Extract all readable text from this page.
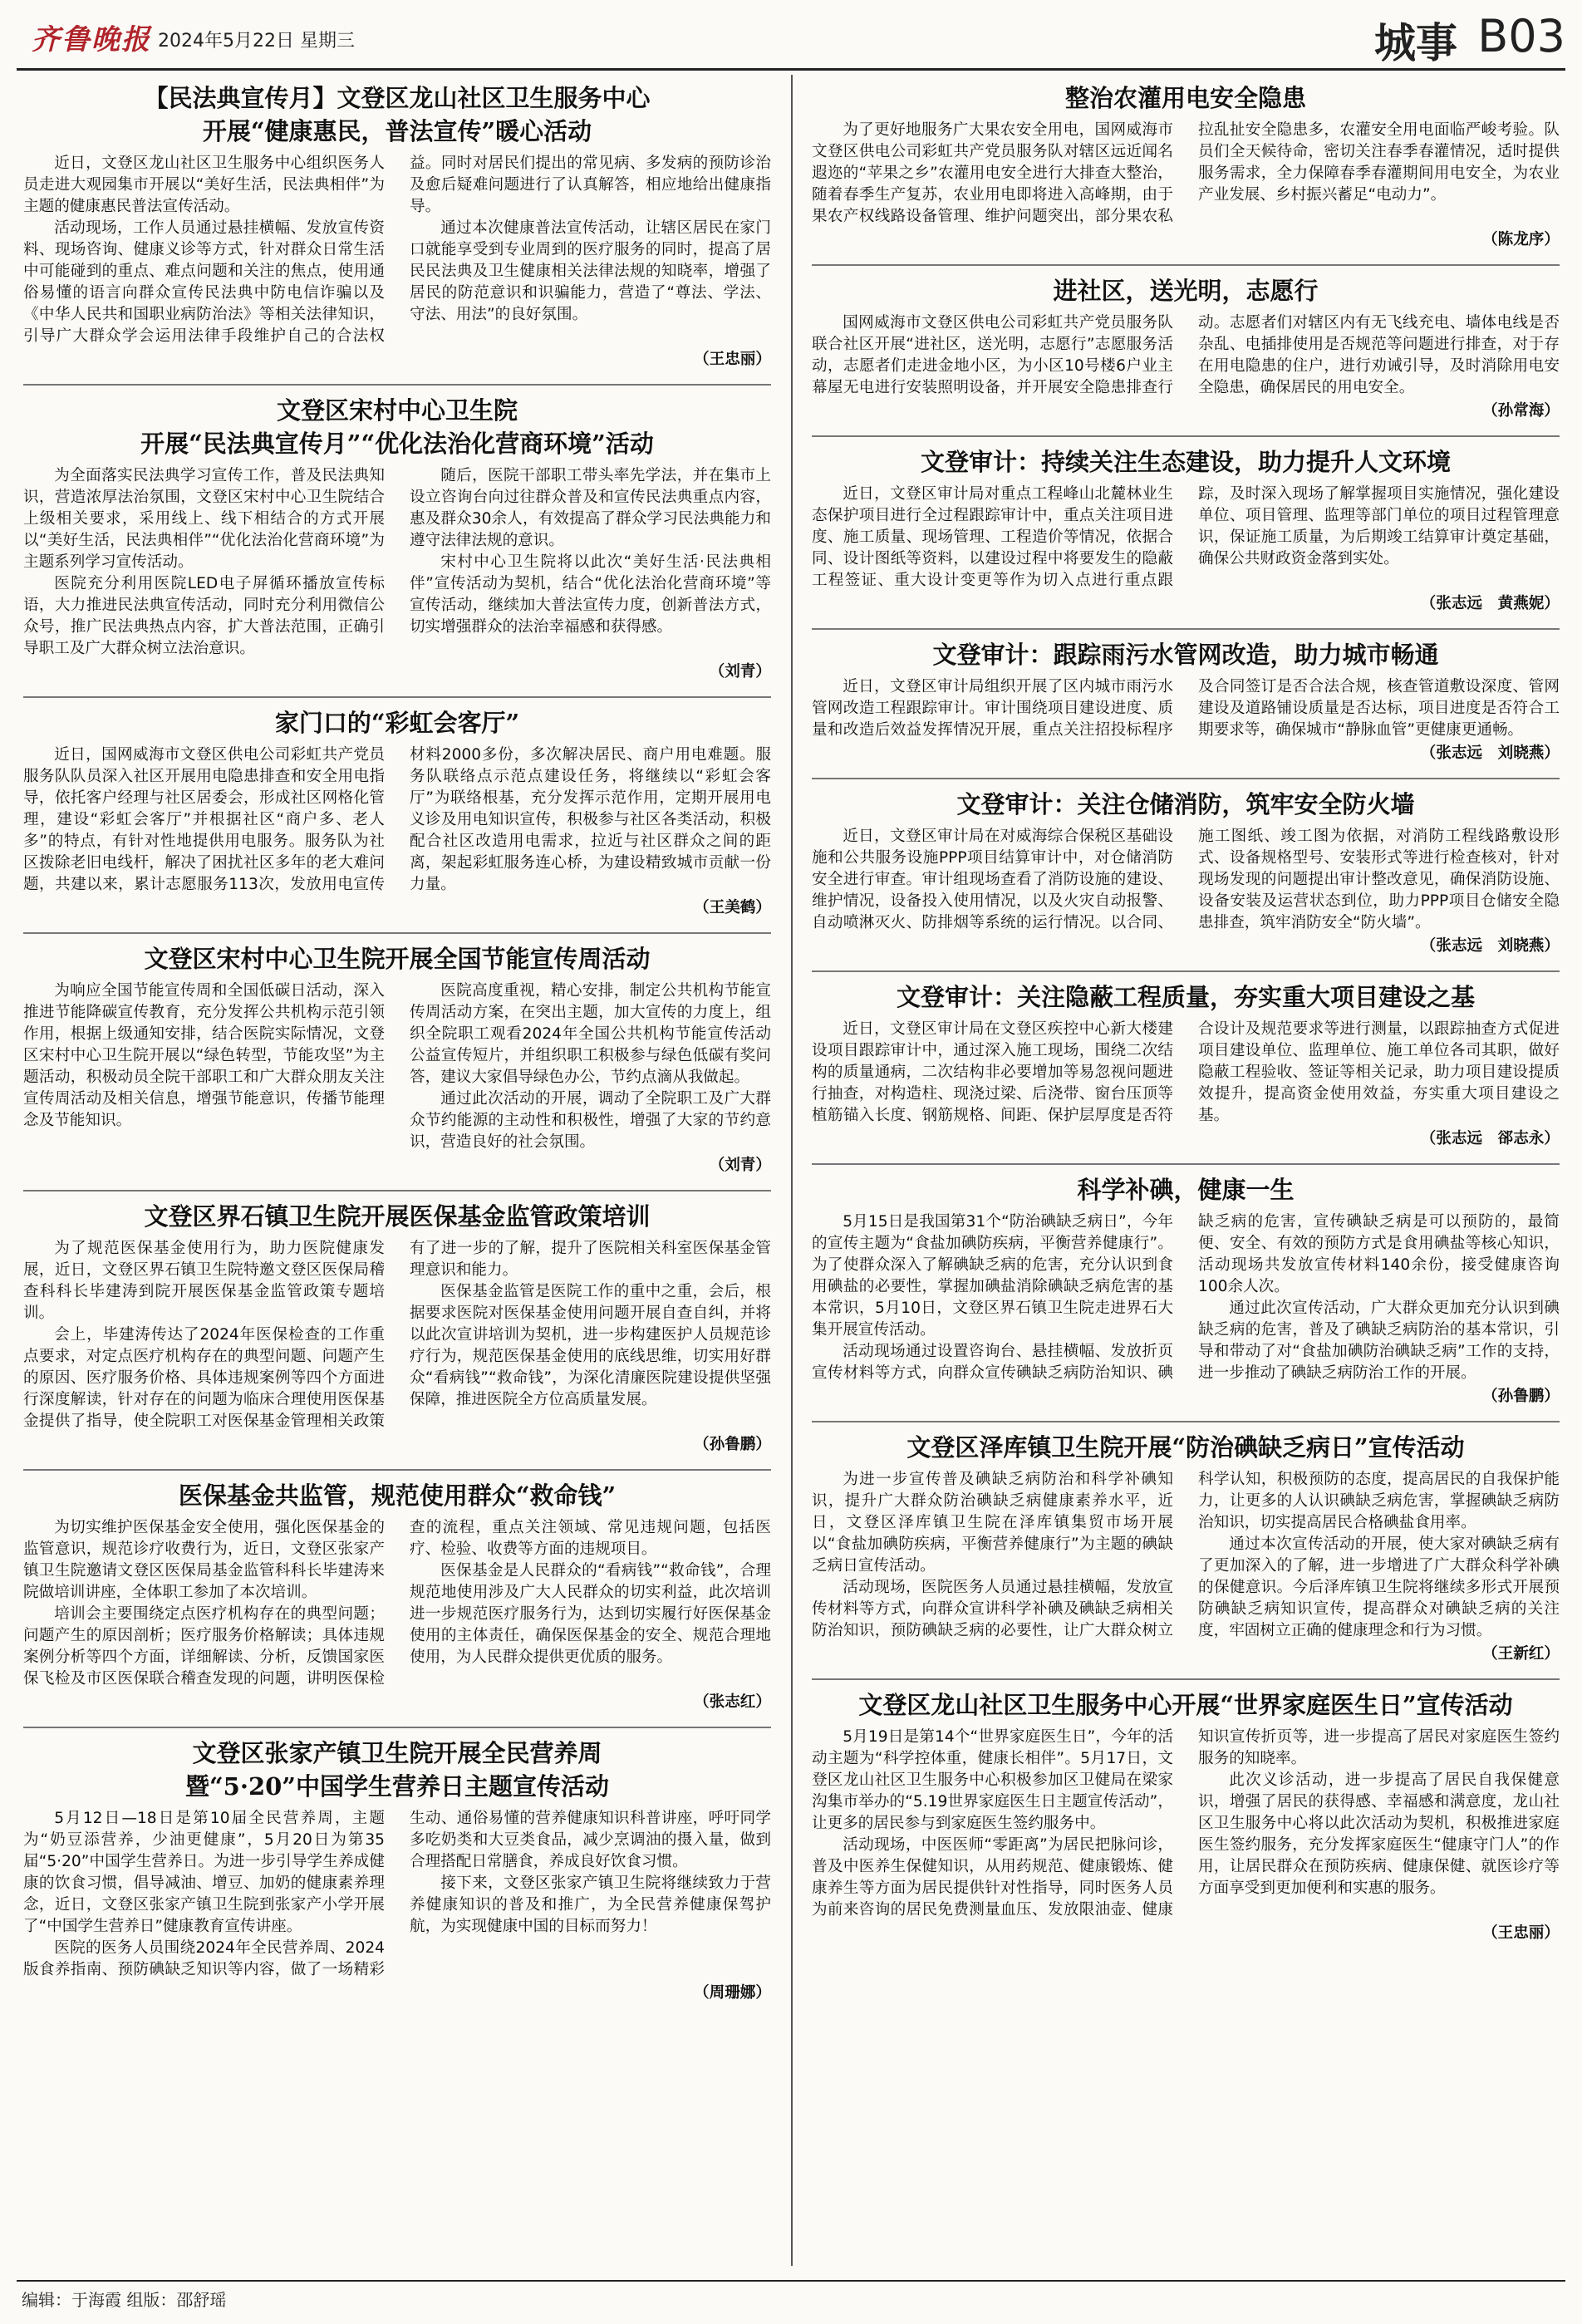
齐鲁晚报 2024年5月22日 星期三	城事 B03
【民法典宣传月】文登区龙山社区卫生服务中心
开展“健康惠民，普法宣传”暖心活动

近日，文登区龙山社区卫生服务中心组织医务人员走进大观园集市开展以“美好生活，民法典相伴”为主题的健康惠民普法宣传活动。

活动现场，工作人员通过悬挂横幅、发放宣传资料、现场咨询、健康义诊等方式，针对群众日常生活中可能碰到的重点、难点问题和关注的焦点，使用通俗易懂的语言向群众宣传民法典中防电信诈骗以及《中华人民共和国职业病防治法》等相关法律知识，引导广大群众学会运用法律手段维护自己的合法权益。同时对居民们提出的常见病、多发病的预防诊治及愈后疑难问题进行了认真解答，相应地给出健康指导。

通过本次健康普法宣传活动，让辖区居民在家门口就能享受到专业周到的医疗服务的同时，提高了居民民法典及卫生健康相关法律法规的知晓率，增强了居民的防范意识和识骗能力，营造了“尊法、学法、守法、用法”的良好氛围。

（王忠丽）
文登区宋村中心卫生院
开展“民法典宣传月”“优化法治化营商环境”活动

为全面落实民法典学习宣传工作，普及民法典知识，营造浓厚法治氛围，文登区宋村中心卫生院结合上级相关要求，采用线上、线下相结合的方式开展以“美好生活，民法典相伴”“优化法治化营商环境”为主题系列学习宣传活动。

医院充分利用医院LED电子屏循环播放宣传标语，大力推进民法典宣传活动，同时充分利用微信公众号，推广民法典热点内容，扩大普法范围，正确引导职工及广大群众树立法治意识。

随后，医院干部职工带头率先学法，并在集市上设立咨询台向过往群众普及和宣传民法典重点内容，惠及群众30余人，有效提高了群众学习民法典能力和遵守法律法规的意识。

宋村中心卫生院将以此次“美好生活·民法典相伴”宣传活动为契机，结合“优化法治化营商环境”等宣传活动，继续加大普法宣传力度，创新普法方式，切实增强群众的法治幸福感和获得感。

（刘青）
家门口的“彩虹会客厅”

近日，国网威海市文登区供电公司彩虹共产党员服务队队员深入社区开展用电隐患排查和安全用电指导，依托客户经理与社区居委会，形成社区网格化管理，建设“彩虹会客厅”并根据社区“商户多、老人多”的特点，有针对性地提供用电服务。服务队为社区拨除老旧电线杆，解决了困扰社区多年的老大难问题，共建以来，累计志愿服务113次，发放用电宣传材料2000多份，多次解决居民、商户用电难题。服务队联络点示范点建设任务，将继续以“彩虹会客厅”为联络根基，充分发挥示范作用，定期开展用电义诊及用电知识宣传，积极参与社区各类活动，积极配合社区改造用电需求，拉近与社区群众之间的距离，架起彩虹服务连心桥，为建设精致城市贡献一份力量。

（王美鹤）
文登区宋村中心卫生院开展全国节能宣传周活动

为响应全国节能宣传周和全国低碳日活动，深入推进节能降碳宣传教育，充分发挥公共机构示范引领作用，根据上级通知安排，结合医院实际情况，文登区宋村中心卫生院开展以“绿色转型，节能攻坚”为主题活动，积极动员全院干部职工和广大群众朋友关注宣传周活动及相关信息，增强节能意识，传播节能理念及节能知识。

医院高度重视，精心安排，制定公共机构节能宣传周活动方案，在突出主题，加大宣传的力度上，组织全院职工观看2024年全国公共机构节能宣传活动公益宣传短片，并组织职工积极参与绿色低碳有奖问答，建议大家倡导绿色办公，节约点滴从我做起。

通过此次活动的开展，调动了全院职工及广大群众节约能源的主动性和积极性，增强了大家的节约意识，营造良好的社会氛围。

（刘青）
文登区界石镇卫生院开展医保基金监管政策培训

为了规范医保基金使用行为，助力医院健康发展，近日，文登区界石镇卫生院特邀文登区医保局稽查科科长毕建涛到院开展医保基金监管政策专题培训。

会上，毕建涛传达了2024年医保检查的工作重点要求，对定点医疗机构存在的典型问题、问题产生的原因、医疗服务价格、具体违规案例等四个方面进行深度解读，针对存在的问题为临床合理使用医保基金提供了指导，使全院职工对医保基金管理相关政策有了进一步的了解，提升了医院相关科室医保基金管理意识和能力。

医保基金监管是医院工作的重中之重，会后，根据要求医院对医保基金使用问题开展自查自纠，并将以此次宣讲培训为契机，进一步构建医护人员规范诊疗行为，规范医保基金使用的底线思维，切实用好群众“看病钱”“救命钱”，为深化清廉医院建设提供坚强保障，推进医院全方位高质量发展。

（孙鲁鹏）
医保基金共监管，规范使用群众“救命钱”

为切实维护医保基金安全使用，强化医保基金的监管意识，规范诊疗收费行为，近日，文登区张家产镇卫生院邀请文登区医保局基金监管科科长毕建涛来院做培训讲座，全体职工参加了本次培训。

培训会主要围绕定点医疗机构存在的典型问题；问题产生的原因剖析；医疗服务价格解读；具体违规案例分析等四个方面，详细解读、分析，反馈国家医保飞检及市区医保联合稽查发现的问题，讲明医保检查的流程，重点关注领域、常见违规问题，包括医疗、检验、收费等方面的违规项目。

医保基金是人民群众的“看病钱”“救命钱”，合理规范地使用涉及广大人民群众的切实利益，此次培训进一步规范医疗服务行为，达到切实履行好医保基金使用的主体责任，确保医保基金的安全、规范合理地使用，为人民群众提供更优质的服务。

（张志红）
文登区张家产镇卫生院开展全民营养周
暨“5·20”中国学生营养日主题宣传活动

5月12日—18日是第10届全民营养周，主题为“奶豆添营养，少油更健康”，5月20日为第35届“5·20”中国学生营养日。为进一步引导学生养成健康的饮食习惯，倡导减油、增豆、加奶的健康素养理念，近日，文登区张家产镇卫生院到张家产小学开展了“中国学生营养日”健康教育宣传讲座。

医院的医务人员围绕2024年全民营养周、2024版食养指南、预防碘缺乏知识等内容，做了一场精彩生动、通俗易懂的营养健康知识科普讲座，呼吁同学多吃奶类和大豆类食品，减少烹调油的摄入量，做到合理搭配日常膳食，养成良好饮食习惯。

接下来，文登区张家产镇卫生院将继续致力于营养健康知识的普及和推广，为全民营养健康保驾护航，为实现健康中国的目标而努力！

（周珊娜）
整治农灌用电安全隐患

为了更好地服务广大果农安全用电，国网威海市文登区供电公司彩虹共产党员服务队对辖区远近闻名遐迩的“苹果之乡”农灌用电安全进行大排查大整治，随着春季生产复苏，农业用电即将进入高峰期，由于果农产权线路设备管理、维护问题突出，部分果农私拉乱扯安全隐患多，农灌安全用电面临严峻考验。队员们全天候待命，密切关注春季春灌情况，适时提供服务需求，全力保障春季春灌期间用电安全，为农业产业发展、乡村振兴蓄足“电动力”。

（陈龙序）
进社区，送光明，志愿行

国网威海市文登区供电公司彩虹共产党员服务队联合社区开展“进社区，送光明，志愿行”志愿服务活动，志愿者们走进金地小区，为小区10号楼6户业主幕屋无电进行安装照明设备，并开展安全隐患排查行动。志愿者们对辖区内有无飞线充电、墙体电线是否杂乱、电插排使用是否规范等问题进行排查，对于存在用电隐患的住户，进行劝诫引导，及时消除用电安全隐患，确保居民的用电安全。

（孙常海）
文登审计：持续关注生态建设，助力提升人文环境

近日，文登区审计局对重点工程峰山北麓林业生态保护项目进行全过程跟踪审计中，重点关注项目进度、施工质量、现场管理、工程造价等情况，依据合同、设计图纸等资料，以建设过程中将要发生的隐蔽工程签证、重大设计变更等作为切入点进行重点跟踪，及时深入现场了解掌握项目实施情况，强化建设单位、项目管理、监理等部门单位的项目过程管理意识，保证施工质量，为后期竣工结算审计奠定基础，确保公共财政资金落到实处。

（张志远　黄燕妮）
文登审计：跟踪雨污水管网改造，助力城市畅通

近日，文登区审计局组织开展了区内城市雨污水管网改造工程跟踪审计。审计围绕项目建设进度、质量和改造后效益发挥情况开展，重点关注招投标程序及合同签订是否合法合规，核查管道敷设深度、管网建设及道路铺设质量是否达标，项目进度是否符合工期要求等，确保城市“静脉血管”更健康更通畅。

（张志远　刘晓燕）
文登审计：关注仓储消防，筑牢安全防火墙

近日，文登区审计局在对威海综合保税区基础设施和公共服务设施PPP项目结算审计中，对仓储消防安全进行审查。审计组现场查看了消防设施的建设、维护情况，设备投入使用情况，以及火灾自动报警、自动喷淋灭火、防排烟等系统的运行情况。以合同、施工图纸、竣工图为依据，对消防工程线路敷设形式、设备规格型号、安装形式等进行检查核对，针对现场发现的问题提出审计整改意见，确保消防设施、设备安装及运营状态到位，助力PPP项目仓储安全隐患排查，筑牢消防安全“防火墙”。

（张志远　刘晓燕）
文登审计：关注隐蔽工程质量，夯实重大项目建设之基

近日，文登区审计局在文登区疾控中心新大楼建设项目跟踪审计中，通过深入施工现场，围绕二次结构的质量通病，二次结构非必要增加等易忽视问题进行抽查，对构造柱、现浇过梁、后浇带、窗台压顶等植筋锚入长度、钢筋规格、间距、保护层厚度是否符合设计及规范要求等进行测量，以跟踪抽查方式促进项目建设单位、监理单位、施工单位各司其职，做好隐蔽工程验收、签证等相关记录，助力项目建设提质效提升，提高资金使用效益，夯实重大项目建设之基。

（张志远　郤志永）
科学补碘，健康一生

5月15日是我国第31个“防治碘缺乏病日”，今年的宣传主题为“食盐加碘防疾病，平衡营养健康行”。为了使群众深入了解碘缺乏病的危害，充分认识到食用碘盐的必要性，掌握加碘盐消除碘缺乏病危害的基本常识，5月10日，文登区界石镇卫生院走进界石大集开展宣传活动。

活动现场通过设置咨询台、悬挂横幅、发放折页宣传材料等方式，向群众宣传碘缺乏病防治知识、碘缺乏病的危害，宣传碘缺乏病是可以预防的，最简便、安全、有效的预防方式是食用碘盐等核心知识，活动现场共发放宣传材料140余份，接受健康咨询100余人次。

通过此次宣传活动，广大群众更加充分认识到碘缺乏病的危害，普及了碘缺乏病防治的基本常识，引导和带动了对“食盐加碘防治碘缺乏病”工作的支持，进一步推动了碘缺乏病防治工作的开展。

（孙鲁鹏）
文登区泽库镇卫生院开展“防治碘缺乏病日”宣传活动

为进一步宣传普及碘缺乏病防治和科学补碘知识，提升广大群众防治碘缺乏病健康素养水平，近日，文登区泽库镇卫生院在泽库镇集贸市场开展以“食盐加碘防疾病，平衡营养健康行”为主题的碘缺乏病日宣传活动。

活动现场，医院医务人员通过悬挂横幅，发放宣传材料等方式，向群众宣讲科学补碘及碘缺乏病相关防治知识，预防碘缺乏病的必要性，让广大群众树立科学认知，积极预防的态度，提高居民的自我保护能力，让更多的人认识碘缺乏病危害，掌握碘缺乏病防治知识，切实提高居民合格碘盐食用率。

通过本次宣传活动的开展，使大家对碘缺乏病有了更加深入的了解，进一步增进了广大群众科学补碘的保健意识。今后泽库镇卫生院将继续多形式开展预防碘缺乏病知识宣传，提高群众对碘缺乏病的关注度，牢固树立正确的健康理念和行为习惯。

（王新红）
文登区龙山社区卫生服务中心开展“世界家庭医生日”宣传活动

5月19日是第14个“世界家庭医生日”，今年的活动主题为“科学控体重，健康长相伴”。5月17日，文登区龙山社区卫生服务中心积极参加区卫健局在梁家沟集市举办的“5.19世界家庭医生日主题宣传活动”，让更多的居民参与到家庭医生签约服务中。

活动现场，中医医师“零距离”为居民把脉问诊，普及中医养生保健知识，从用药规范、健康锻炼、健康养生等方面为居民提供针对性指导，同时医务人员为前来咨询的居民免费测量血压、发放限油壶、健康知识宣传折页等，进一步提高了居民对家庭医生签约服务的知晓率。

此次义诊活动，进一步提高了居民自我保健意识，增强了居民的获得感、幸福感和满意度，龙山社区卫生服务中心将以此次活动为契机，积极推进家庭医生签约服务，充分发挥家庭医生“健康守门人”的作用，让居民群众在预防疾病、健康保健、就医诊疗等方面享受到更加便利和实惠的服务。

（王忠丽）
编辑：于海霞 组版：邵舒瑶
